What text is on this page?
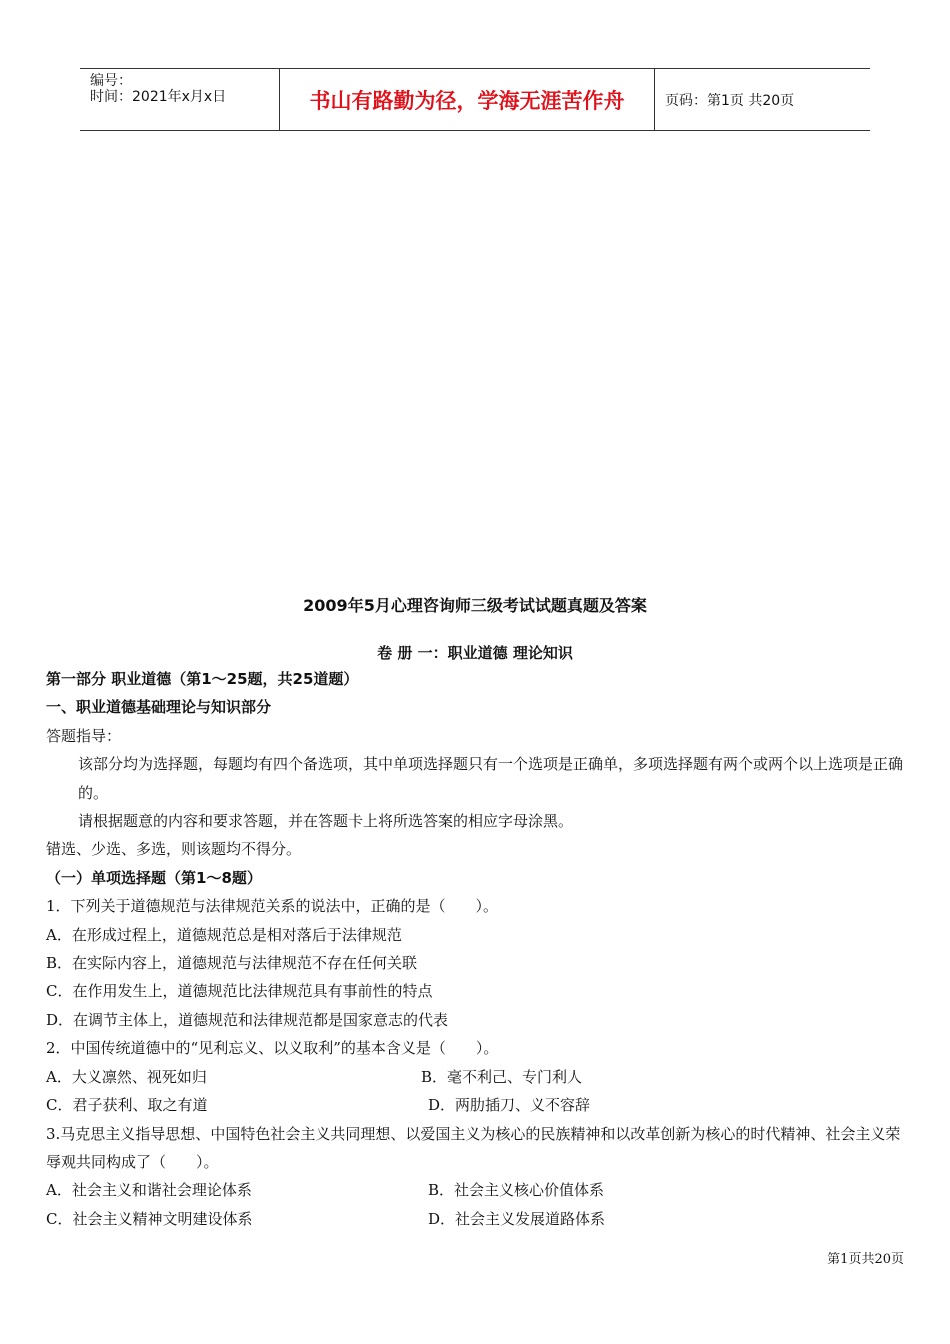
编号：
时间：2021年x月x日	书山有路勤为径，学海无涯苦作舟	页码：第1页 共20页
2009年5月心理咨询师三级考试试题真题及答案
卷 册 一：职业道德 理论知识
第一部分 职业道德（第1～25题，共25道题）
一、职业道德基础理论与知识部分
答题指导：
该部分均为选择题，每题均有四个备选项，其中单项选择题只有一个选项是正确单，多项选择题有两个或两个以上选项是正确的。
请根据题意的内容和要求答题，并在答题卡上将所选答案的相应字母涂黑。
错选、少选、多选，则该题均不得分。
（一）单项选择题（第1～8题）
1．下列关于道德规范与法律规范关系的说法中，正确的是（　　）。
A．在形成过程上，道德规范总是相对落后于法律规范
B．在实际内容上，道德规范与法律规范不存在任何关联
C．在作用发生上，道德规范比法律规范具有事前性的特点
D．在调节主体上，道德规范和法律规范都是国家意志的代表
2．中国传统道德中的“见利忘义、以义取利”的基本含义是（　　）。
A．大义凛然、视死如归	B．毫不利己、专门利人
C．君子获利、取之有道	D．两肋插刀、义不容辞
3.马克思主义指导思想、中国特色社会主义共同理想、以爱国主义为核心的民族精神和以改革创新为核心的时代精神、社会主义荣辱观共同构成了（　　）。
A．社会主义和谐社会理论体系	B．社会主义核心价值体系
C．社会主义精神文明建设体系	D．社会主义发展道路体系
第1页共20页
